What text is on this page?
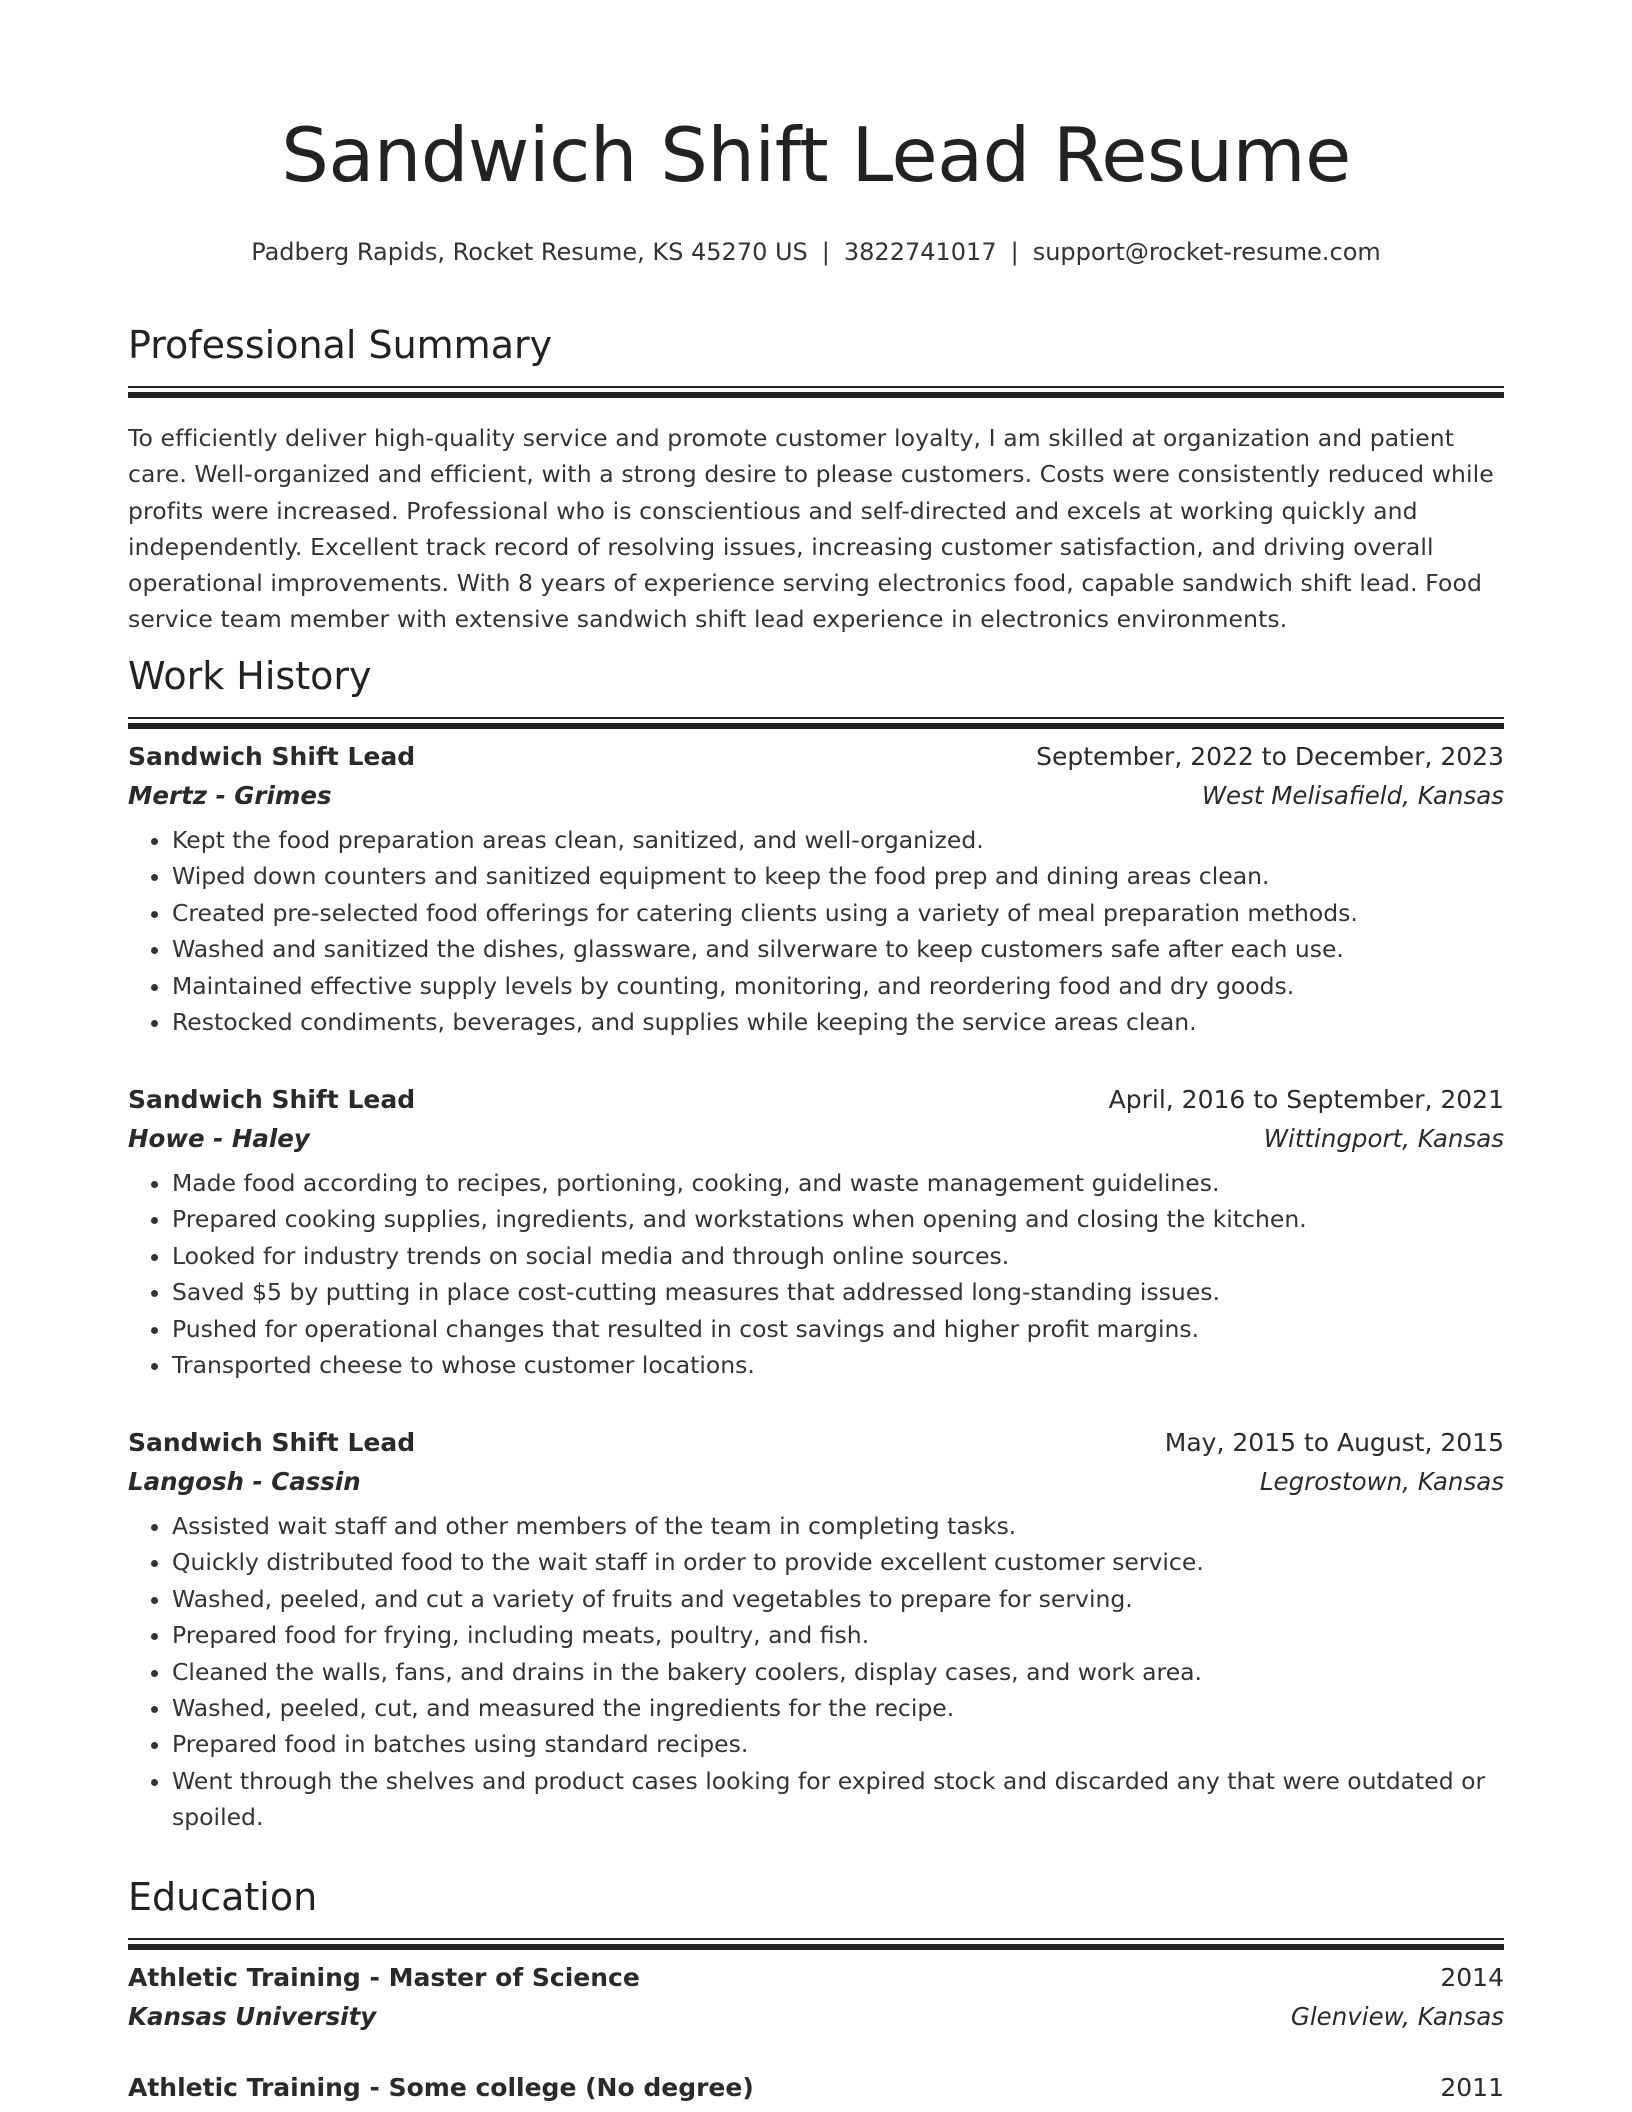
Sandwich Shift Lead Resume
Padberg Rapids, Rocket Resume, KS 45270 US | 3822741017 | support@rocket-resume.com
Professional Summary

To efficiently deliver high-quality service and promote customer loyalty, I am skilled at organization and patient care. Well-organized and efficient, with a strong desire to please customers. Costs were consistently reduced while profits were increased. Professional who is conscientious and self-directed and excels at working quickly and independently. Excellent track record of resolving issues, increasing customer satisfaction, and driving overall operational improvements. With 8 years of experience serving electronics food, capable sandwich shift lead. Food service team member with extensive sandwich shift lead experience in electronics environments.

Work History
Sandwich Shift Lead	September, 2022 to December, 2023
Mertz - Grimes	West Melisafield, Kansas
• Kept the food preparation areas clean, sanitized, and well-organized.
• Wiped down counters and sanitized equipment to keep the food prep and dining areas clean.
• Created pre-selected food offerings for catering clients using a variety of meal preparation methods.
• Washed and sanitized the dishes, glassware, and silverware to keep customers safe after each use.
• Maintained effective supply levels by counting, monitoring, and reordering food and dry goods.
• Restocked condiments, beverages, and supplies while keeping the service areas clean.
Sandwich Shift Lead	April, 2016 to September, 2021
Howe - Haley	Wittingport, Kansas
• Made food according to recipes, portioning, cooking, and waste management guidelines.
• Prepared cooking supplies, ingredients, and workstations when opening and closing the kitchen.
• Looked for industry trends on social media and through online sources.
• Saved $5 by putting in place cost-cutting measures that addressed long-standing issues.
• Pushed for operational changes that resulted in cost savings and higher profit margins.
• Transported cheese to whose customer locations.
Sandwich Shift Lead	May, 2015 to August, 2015
Langosh - Cassin	Legrostown, Kansas
• Assisted wait staff and other members of the team in completing tasks.
• Quickly distributed food to the wait staff in order to provide excellent customer service.
• Washed, peeled, and cut a variety of fruits and vegetables to prepare for serving.
• Prepared food for frying, including meats, poultry, and fish.
• Cleaned the walls, fans, and drains in the bakery coolers, display cases, and work area.
• Washed, peeled, cut, and measured the ingredients for the recipe.
• Prepared food in batches using standard recipes.
• Went through the shelves and product cases looking for expired stock and discarded any that were outdated or spoiled.
Education
Athletic Training - Master of Science	2014
Kansas University	Glenview, Kansas
Athletic Training - Some college (No degree)	2011
